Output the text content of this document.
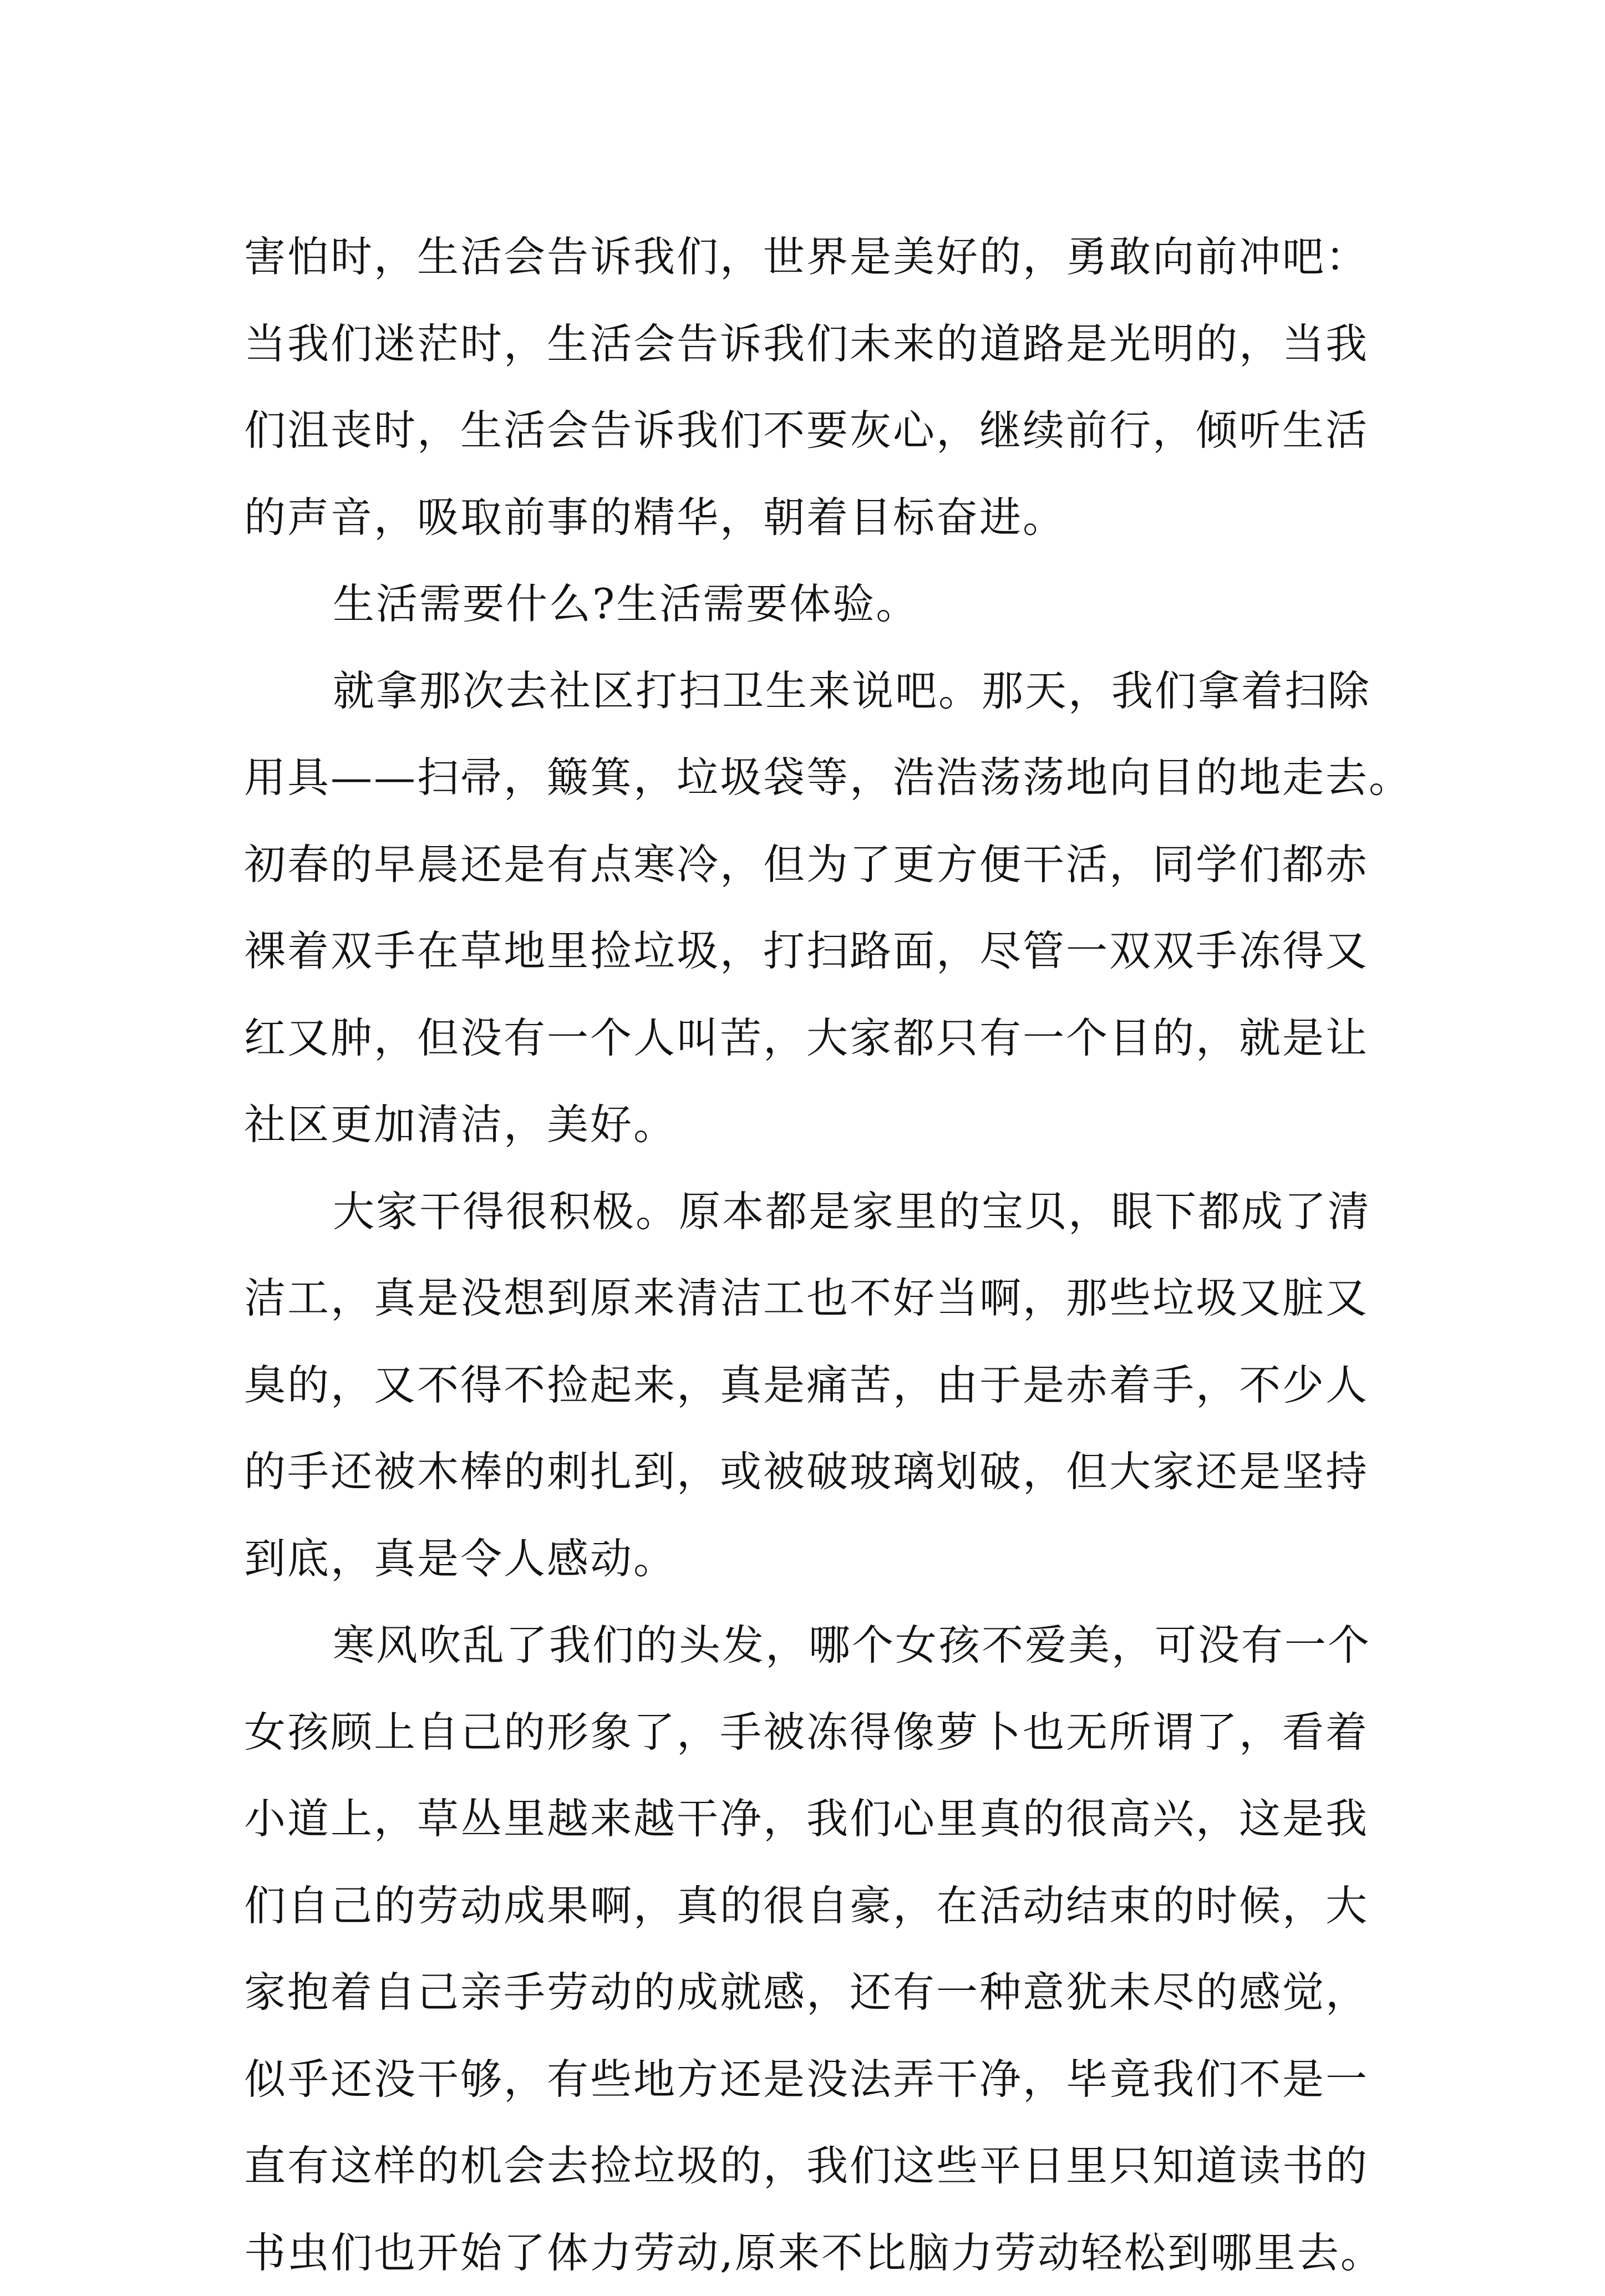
害怕时，生活会告诉我们，世界是美好的，勇敢向前冲吧：
当我们迷茫时，生活会告诉我们未来的道路是光明的，当我
们沮丧时，生活会告诉我们不要灰心，继续前行，倾听生活
的声音，吸取前事的精华，朝着目标奋进。
生活需要什么?生活需要体验。
就拿那次去社区打扫卫生来说吧。那天，我们拿着扫除
用具——扫帚，簸箕，垃圾袋等，浩浩荡荡地向目的地走去。
初春的早晨还是有点寒冷，但为了更方便干活，同学们都赤
裸着双手在草地里捡垃圾，打扫路面，尽管一双双手冻得又
红又肿，但没有一个人叫苦，大家都只有一个目的，就是让
社区更加清洁，美好。
大家干得很积极。原本都是家里的宝贝，眼下都成了清
洁工，真是没想到原来清洁工也不好当啊，那些垃圾又脏又
臭的，又不得不捡起来，真是痛苦，由于是赤着手，不少人
的手还被木棒的刺扎到，或被破玻璃划破，但大家还是坚持
到底，真是令人感动。
寒风吹乱了我们的头发，哪个女孩不爱美，可没有一个
女孩顾上自己的形象了，手被冻得像萝卜也无所谓了，看着
小道上，草丛里越来越干净，我们心里真的很高兴，这是我
们自己的劳动成果啊，真的很自豪，在活动结束的时候，大
家抱着自己亲手劳动的成就感，还有一种意犹未尽的感觉，
似乎还没干够，有些地方还是没法弄干净，毕竟我们不是一
直有这样的机会去捡垃圾的，我们这些平日里只知道读书的
书虫们也开始了体力劳动,原来不比脑力劳动轻松到哪里去。
